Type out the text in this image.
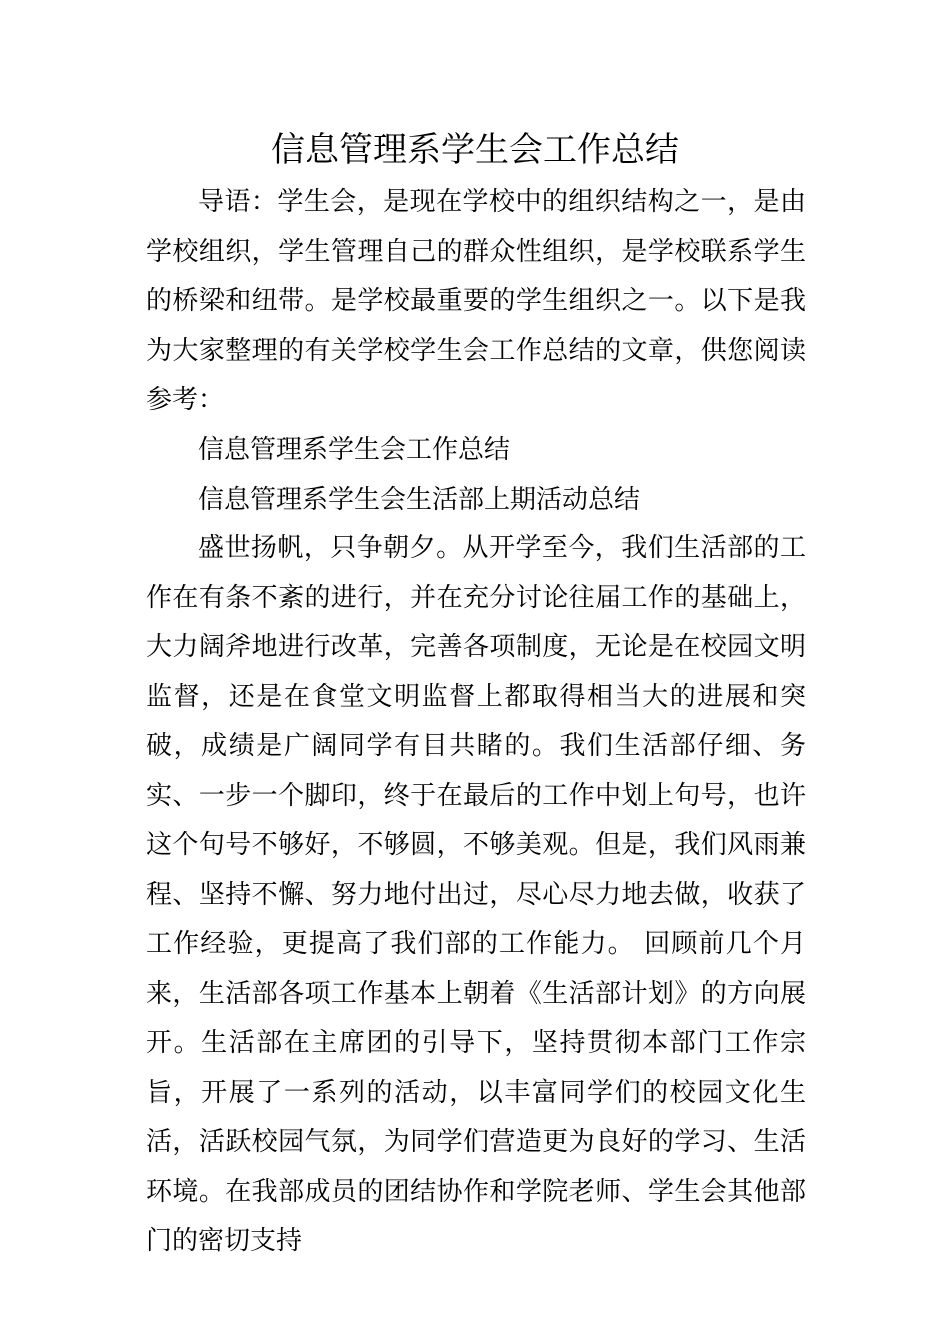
信息管理系学生会工作总结

导语：学生会，是现在学校中的组织结构之一，是由学校组织，学生管理自己的群众性组织，是学校联系学生的桥梁和纽带。是学校最重要的学生组织之一。以下是我为大家整理的有关学校学生会工作总结的文章，供您阅读参考：

信息管理系学生会工作总结

信息管理系学生会生活部上期活动总结

盛世扬帆，只争朝夕。从开学至今，我们生活部的工作在有条不紊的进行，并在充分讨论往届工作的基础上，大力阔斧地进行改革，完善各项制度，无论是在校园文明监督，还是在食堂文明监督上都取得相当大的进展和突破，成绩是广阔同学有目共睹的。我们生活部仔细、务实、一步一个脚印，终于在最后的工作中划上句号，也许这个句号不够好，不够圆，不够美观。但是，我们风雨兼程、坚持不懈、努力地付出过，尽心尽力地去做，收获了工作经验，更提高了我们部的工作能力。 回顾前几个月来，生活部各项工作基本上朝着《生活部计划》的方向展开。生活部在主席团的引导下，坚持贯彻本部门工作宗旨，开展了一系列的活动，以丰富同学们的校园文化生活，活跃校园气氛，为同学们营造更为良好的学习、生活环境。在我部成员的团结协作和学院老师、学生会其他部门的密切支持
